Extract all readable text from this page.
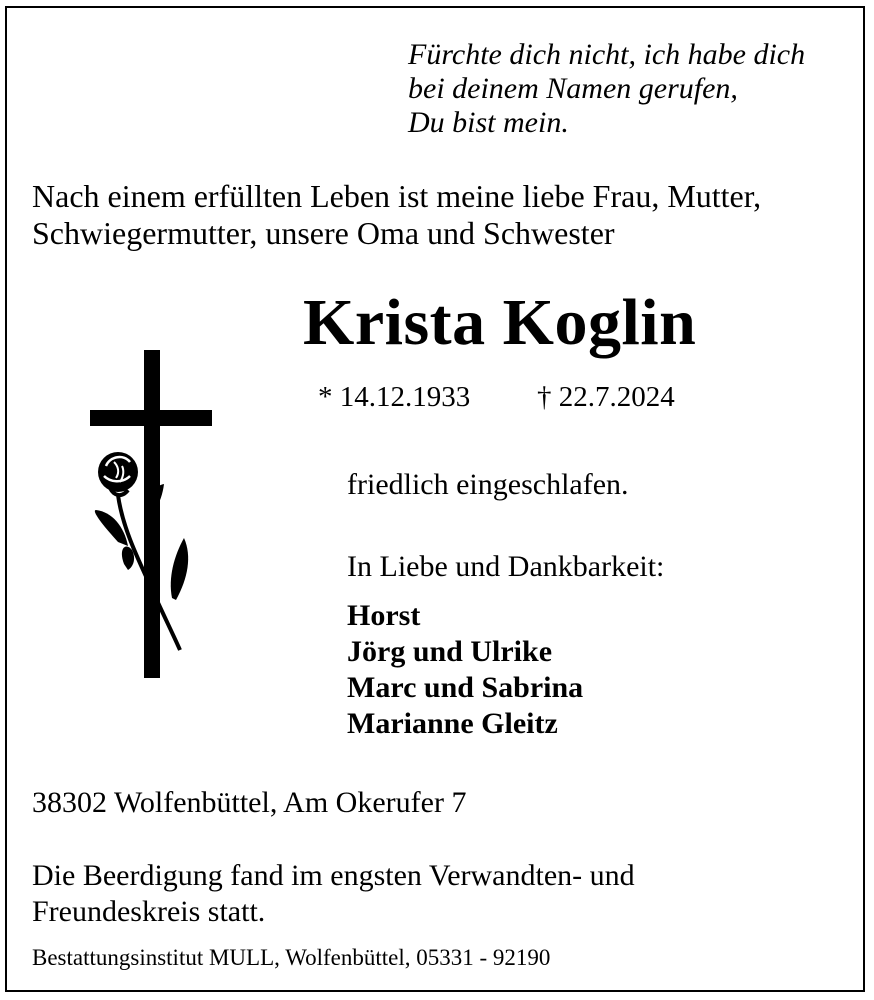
Fürchte dich nicht, ich habe dich
bei deinem Namen gerufen,
Du bist mein.
Nach einem erfüllten Leben ist meine liebe Frau, Mutter,
Schwiegermutter, unsere Oma und Schwester
Krista Koglin
* 14.12.1933 † 22.7.2024
friedlich eingeschlafen.
In Liebe und Dankbarkeit:
Horst
Jörg und Ulrike
Marc und Sabrina
Marianne Gleitz
38302 Wolfenbüttel, Am Okerufer 7
Die Beerdigung fand im engsten Verwandten- und
Freundeskreis statt.
Bestattungsinstitut MULL, Wolfenbüttel, 05331 - 92190
